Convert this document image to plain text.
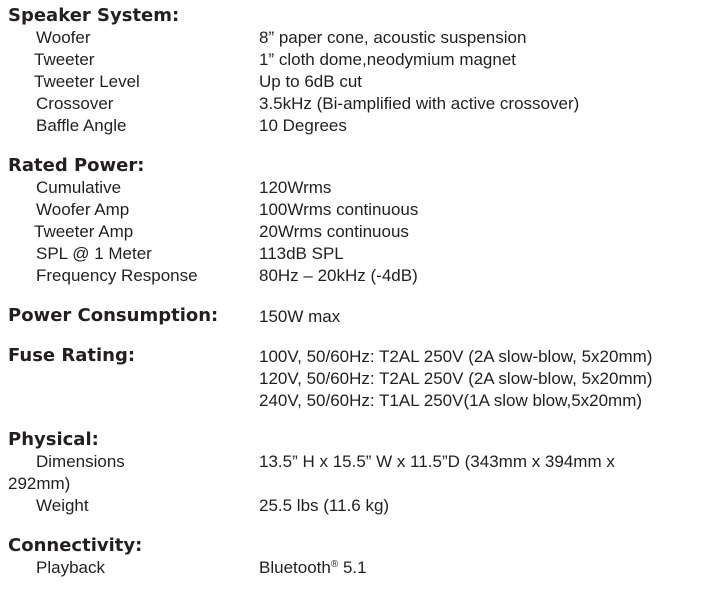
Speaker System:
Woofer	8” paper cone, acoustic suspension
Tweeter	1” cloth dome,neodymium magnet
Tweeter Level	Up to 6dB cut
Crossover	3.5kHz (Bi-amplified with active crossover)
Baffle Angle	10 Degrees
Rated Power:
Cumulative	120Wrms
Woofer Amp	100Wrms continuous
Tweeter Amp	20Wrms continuous
SPL @ 1 Meter	113dB SPL
Frequency Response	80Hz – 20kHz (-4dB)
Power Consumption: 150W max
Fuse Rating:	100V, 50/60Hz: T2AL 250V (2A slow-blow, 5x20mm)
120V, 50/60Hz: T2AL 250V (2A slow-blow, 5x20mm)
240V, 50/60Hz: T1AL 250V(1A slow blow,5x20mm)
Physical:
Dimensions	13.5” H x 15.5” W x 11.5”D (343mm x 394mm x
292mm)
Weight	25.5 lbs (11.6 kg)
Connectivity:
Playback	Bluetooth® 5.1
